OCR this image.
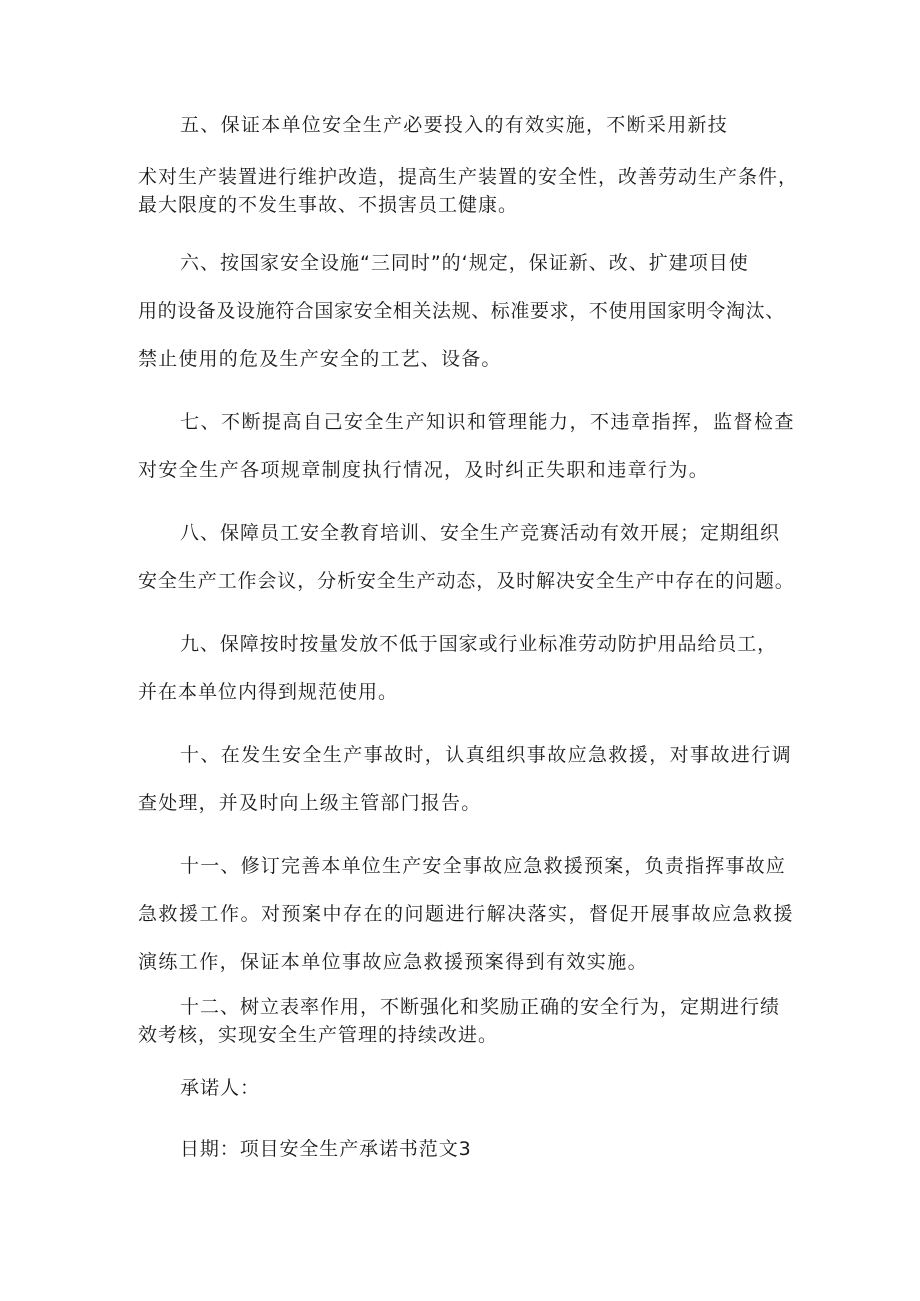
五、保证本单位安全生产必要投入的有效实施，不断采用新技
术对生产装置进行维护改造，提高生产装置的安全性，改善劳动生产条件，
最大限度的不发生事故、不损害员工健康。
六、按国家安全设施“三同时”的‘规定，保证新、改、扩建项目使
用的设备及设施符合国家安全相关法规、标准要求，不使用国家明令淘汰、
禁止使用的危及生产安全的工艺、设备。
七、不断提高自己安全生产知识和管理能力，不违章指挥，监督检查
对安全生产各项规章制度执行情况，及时纠正失职和违章行为。
八、保障员工安全教育培训、安全生产竞赛活动有效开展；定期组织
安全生产工作会议，分析安全生产动态，及时解决安全生产中存在的问题。
九、保障按时按量发放不低于国家或行业标准劳动防护用品给员工，
并在本单位内得到规范使用。
十、在发生安全生产事故时，认真组织事故应急救援，对事故进行调
查处理，并及时向上级主管部门报告。
十一、修订完善本单位生产安全事故应急救援预案，负责指挥事故应
急救援工作。对预案中存在的问题进行解决落实，督促开展事故应急救援
演练工作，保证本单位事故应急救援预案得到有效实施。
十二、树立表率作用，不断强化和奖励正确的安全行为，定期进行绩
效考核，实现安全生产管理的持续改进。
承诺人：
日期：项目安全生产承诺书范文3
